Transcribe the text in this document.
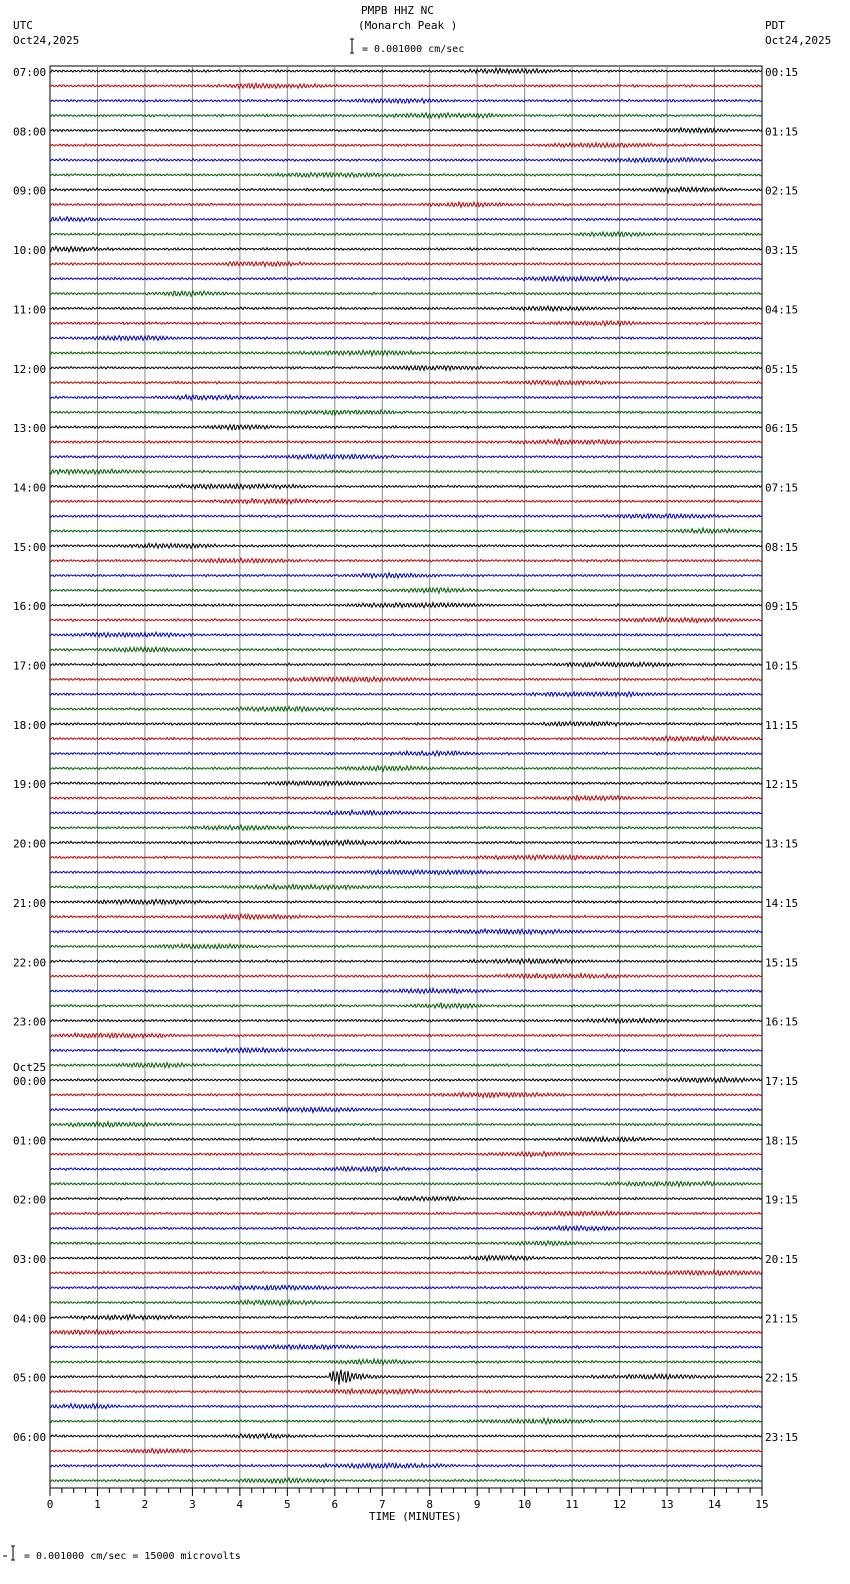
PMPB HHZ NC
(Monarch Peak )
= 0.001000 cm/sec
UTC
Oct24,2025
PDT
Oct24,2025
TIME (MINUTES)
= 0.001000 cm/sec = 15000 microvolts
07:00	00:15
08:00	01:15
09:00	02:15
10:00	03:15
11:00	04:15
12:00	05:15
13:00	06:15
14:00	07:15
15:00	08:15
16:00	09:15
17:00	10:15
18:00	11:15
19:00	12:15
20:00	13:15
21:00	14:15
22:00	15:15
23:00	16:15
00:00	17:15
Oct25
01:00	18:15
02:00	19:15
03:00	20:15
04:00	21:15
05:00	22:15
06:00	23:15
0	1	2	3	4	5	6	7	8	9	10	11	12	13	14	15
